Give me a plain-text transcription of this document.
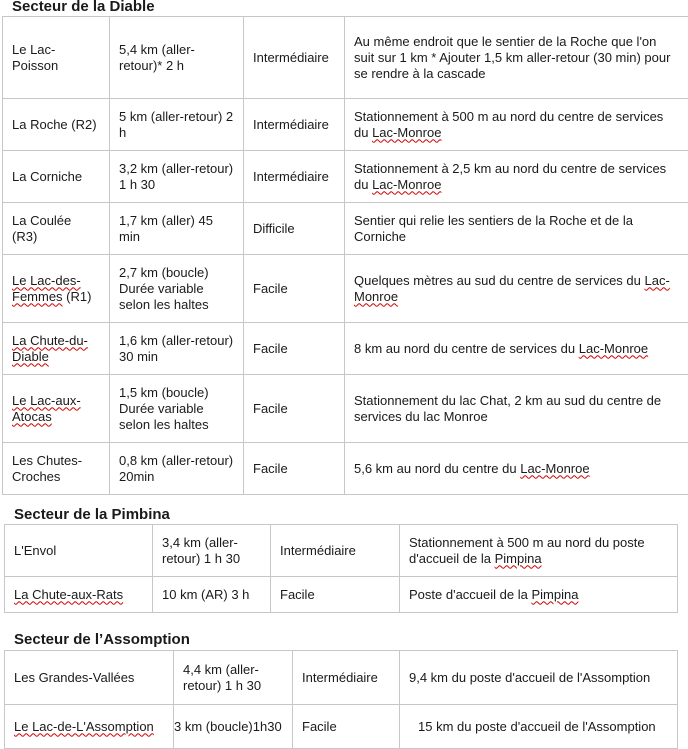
Secteur de la Diable
Le Lac-Poisson	5,4 km (aller-retour)* 2 h	Intermédiaire	Au même endroit que le sentier de la Roche que l'on suit sur 1 km * Ajouter 1,5 km aller-retour (30 min) pour se rendre à la cascade
La Roche (R2)	5 km (aller-retour) 2 h	Intermédiaire	Stationnement à 500 m au nord du centre de services du Lac-Monroe
La Corniche	3,2 km (aller-retour) 1 h 30	Intermédiaire	Stationnement à 2,5 km au nord du centre de services du Lac-Monroe
La Coulée (R3)	1,7 km (aller) 45 min	Difficile	Sentier qui relie les sentiers de la Roche et de la Corniche
Le Lac-des-Femmes (R1)	2,7 km (boucle) Durée variable selon les haltes	Facile	Quelques mètres au sud du centre de services du Lac-Monroe
La Chute-du-Diable	1,6 km (aller-retour) 30 min	Facile	8 km au nord du centre de services du Lac-Monroe
Le Lac-aux-Atocas	1,5 km (boucle) Durée variable selon les haltes	Facile	Stationnement du lac Chat, 2 km au sud du centre de services du lac Monroe
Les Chutes-Croches	0,8 km (aller-retour) 20min	Facile	5,6 km au nord du centre du Lac-Monroe
Secteur de la Pimbina
L'Envol	3,4 km (aller-retour) 1 h 30	Intermédiaire	Stationnement à 500 m au nord du poste d'accueil de la Pimpina
La Chute-aux-Rats	10 km (AR) 3 h	Facile	Poste d'accueil de la Pimpina
Secteur de l’Assomption
Les Grandes-Vallées	4,4 km (aller-retour) 1 h 30	Intermédiaire	9,4 km du poste d'accueil de l'Assomption
Le Lac-de-L'Assomption	3 km (boucle)1h30	Facile	15 km du poste d'accueil de l'Assomption
